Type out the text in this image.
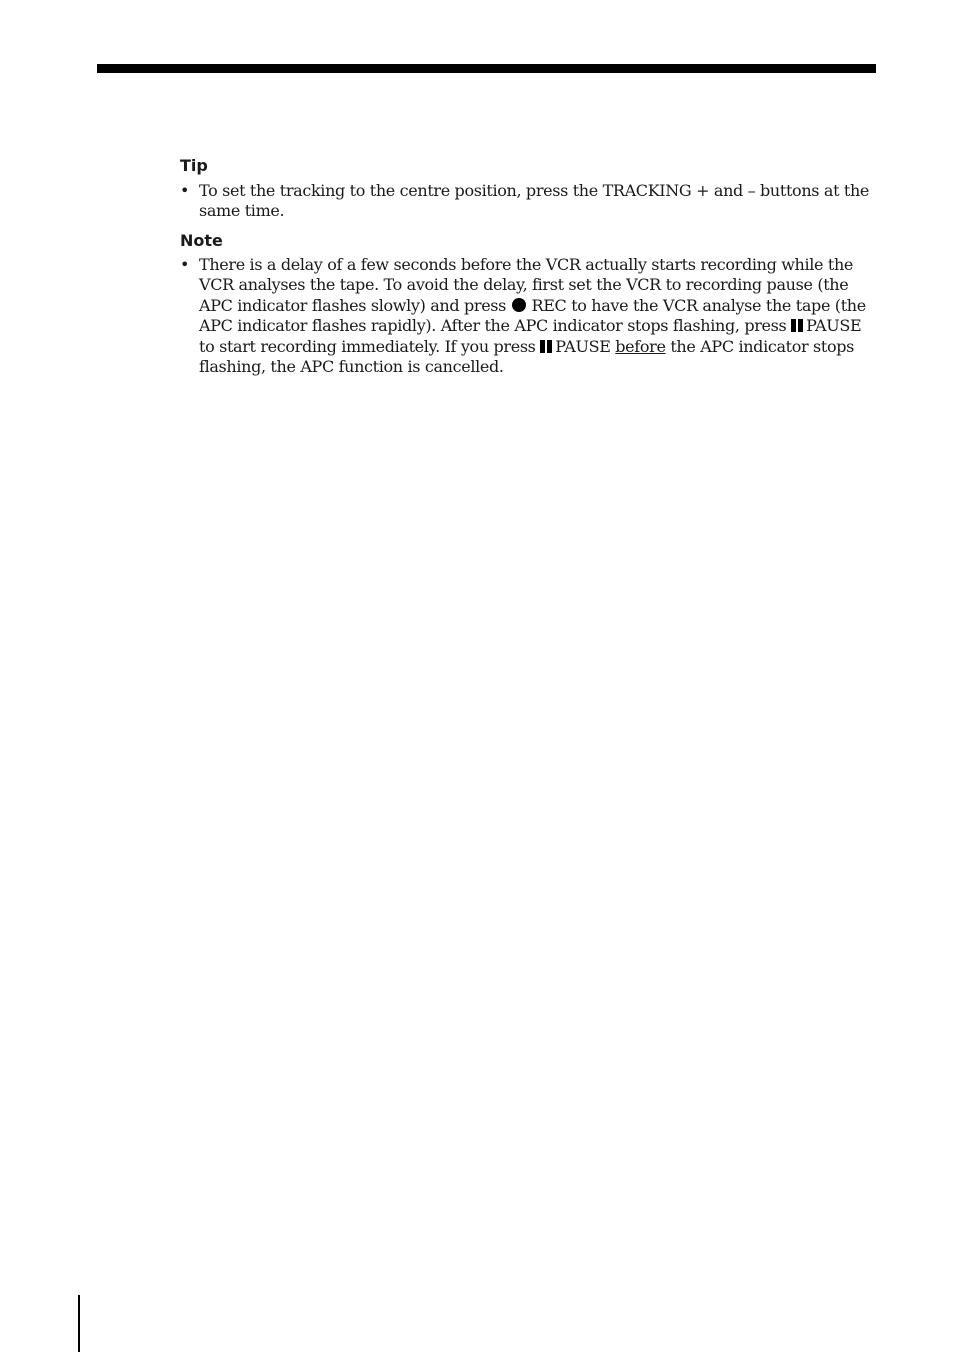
Tip
• To set the tracking to the centre position, press the TRACKING + and – buttons at the same time.
Note
• There is a delay of a few seconds before the VCR actually starts recording while the VCR analyses the tape. To avoid the delay, first set the VCR to recording pause (the APC indicator flashes slowly) and press  REC to have the VCR analyse the tape (the APC indicator flashes rapidly). After the APC indicator stops flashing, press PAUSE to start recording immediately. If you press PAUSE before the APC indicator stops flashing, the APC function is cancelled.
